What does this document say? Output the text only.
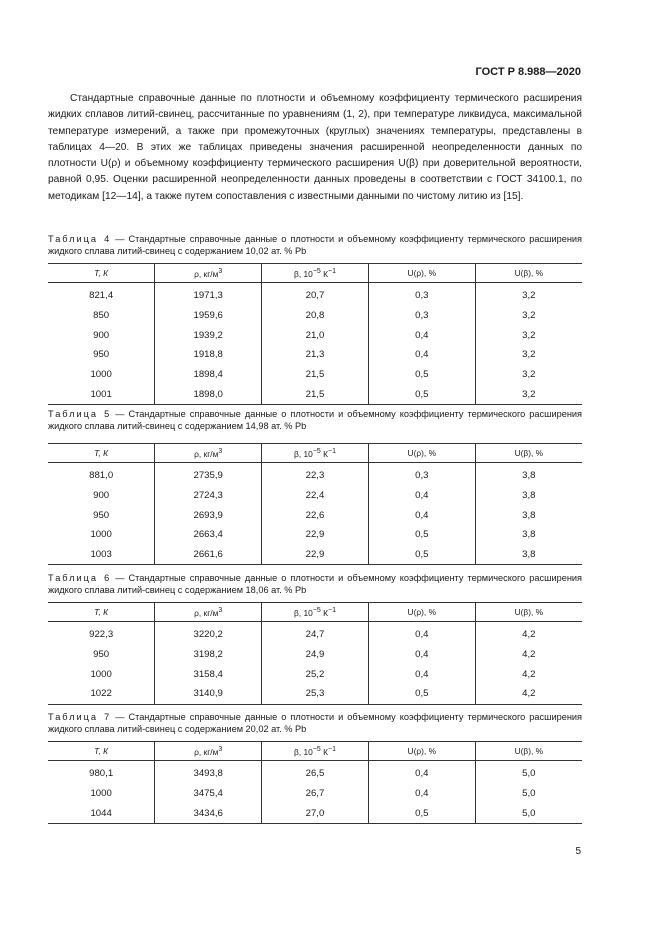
ГОСТ Р 8.988—2020
Стандартные справочные данные по плотности и объемному коэффициенту термического расширения жидких сплавов литий-свинец, рассчитанные по уравнениям (1, 2), при температуре ликвидуса, максимальной температуре измерений, а также при промежуточных (круглых) значениях температуры, представлены в таблицах 4—20. В этих же таблицах приведены значения расширенной неопределенности данных по плотности U(ρ) и объемному коэффициенту термического расширения U(β) при доверительной вероятности, равной 0,95. Оценки расширенной неопределенности данных проведены в соответствии с ГОСТ 34100.1, по методикам [12—14], а также путем сопоставления с известными данными по чистому литию из [15].
Таблица 4 — Стандартные справочные данные о плотности и объемному коэффициенту термического расширения жидкого сплава литий-свинец с содержанием 10,02 ат. % Pb
T, К	ρ, $кг/м^3$	β, $10^{-5}$ $К^{-1}$	U(ρ), %	U(β), %
821,4	1971,3	20,7	0,3	3,2
850	1959,6	20,8	0,3	3,2
900	1939,2	21,0	0,4	3,2
950	1918,8	21,3	0,4	3,2
1000	1898,4	21,5	0,5	3,2
1001	1898,0	21,5	0,5	3,2
Таблица 5 — Стандартные справочные данные о плотности и объемному коэффициенту термического расширения жидкого сплава литий-свинец с содержанием 14,98 ат. % Pb
T, К	ρ, $кг/м^3$	β, $10^{-5}$ $К^{-1}$	U(ρ), %	U(β), %
881,0	2735,9	22,3	0,3	3,8
900	2724,3	22,4	0,4	3,8
950	2693,9	22,6	0,4	3,8
1000	2663,4	22,9	0,5	3,8
1003	2661,6	22,9	0,5	3,8
Таблица 6 — Стандартные справочные данные о плотности и объемному коэффициенту термического расширения жидкого сплава литий-свинец с содержанием 18,06 ат. % Pb
T, К	ρ, $кг/м^3$	β, $10^{-5}$ $К^{-1}$	U(ρ), %	U(β), %
922,3	3220,2	24,7	0,4	4,2
950	3198,2	24,9	0,4	4,2
1000	3158,4	25,2	0,4	4,2
1022	3140,9	25,3	0,5	4,2
Таблица 7 — Стандартные справочные данные о плотности и объемному коэффициенту термического расширения жидкого сплава литий-свинец с содержанием 20,02 ат. % Pb
T, К	ρ, $кг/м^3$	β, $10^{-5}$ $К^{-1}$	U(ρ), %	U(β), %
980,1	3493,8	26,5	0,4	5,0
1000	3475,4	26,7	0,4	5,0
1044	3434,6	27,0	0,5	5,0
5
